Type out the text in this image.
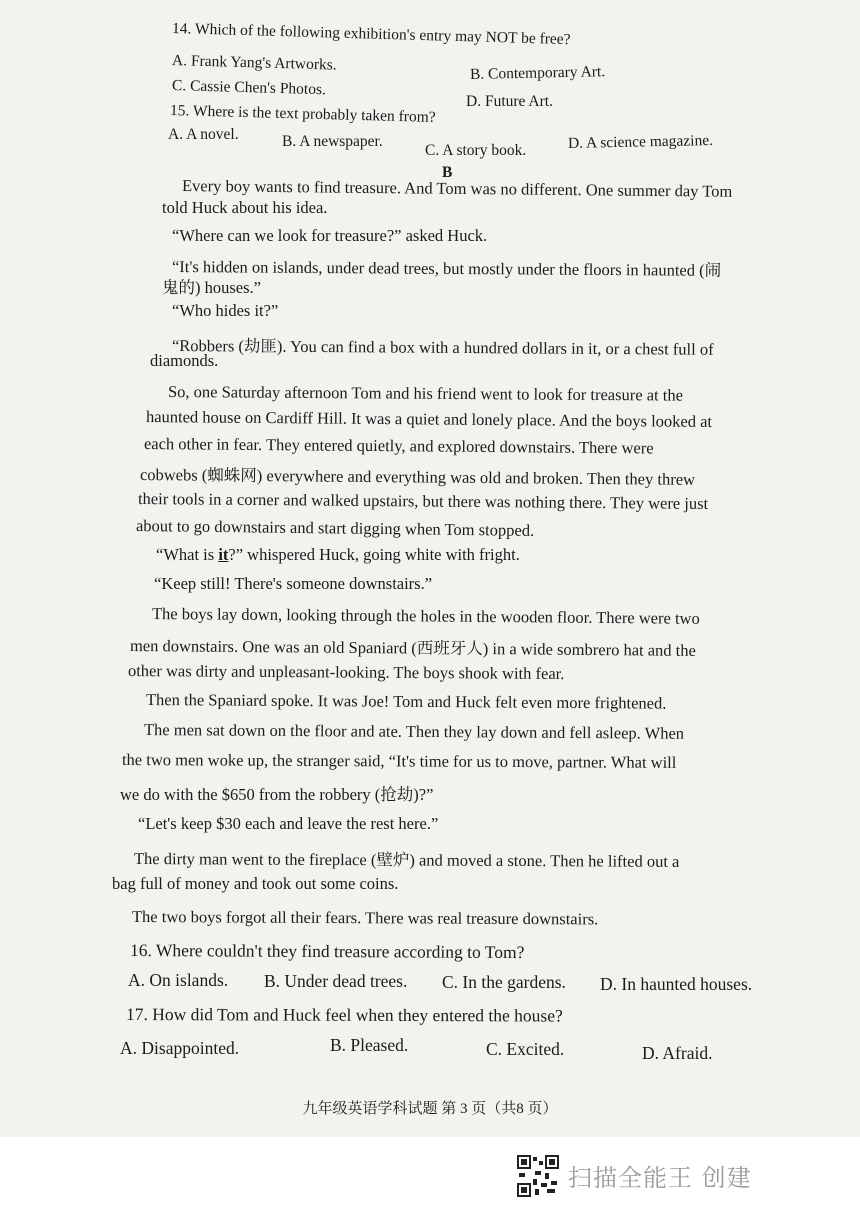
14. Which of the following exhibition's entry may NOT be free?
A. Frank Yang's Artworks.	B. Contemporary Art.
C. Cassie Chen's Photos.
D. Future Art.
15. Where is the text probably taken from?
A. A novel.	B. A newspaper.
C. A story book.	D. A science magazine.
B
Every boy wants to find treasure. And Tom was no different. One summer day Tom
told Huck about his idea.
“Where can we look for treasure?” asked Huck.
“It's hidden on islands, under dead trees, but mostly under the floors in haunted (闹
鬼的) houses.”
“Who hides it?”
“Robbers (劫匪). You can find a box with a hundred dollars in it, or a chest full of
diamonds.
So, one Saturday afternoon Tom and his friend went to look for treasure at the
haunted house on Cardiff Hill. It was a quiet and lonely place. And the boys looked at
each other in fear. They entered quietly, and explored downstairs. There were
cobwebs (蜘蛛网) everywhere and everything was old and broken. Then they threw
their tools in a corner and walked upstairs, but there was nothing there. They were just
about to go downstairs and start digging when Tom stopped.
“What is it?” whispered Huck, going white with fright.
“Keep still! There's someone downstairs.”
The boys lay down, looking through the holes in the wooden floor. There were two
men downstairs. One was an old Spaniard (西班牙人) in a wide sombrero hat and the
other was dirty and unpleasant-looking. The boys shook with fear.
Then the Spaniard spoke. It was Joe! Tom and Huck felt even more frightened.
The men sat down on the floor and ate. Then they lay down and fell asleep. When
the two men woke up, the stranger said, “It's time for us to move, partner. What will
we do with the $650 from the robbery (抢劫)?”
“Let's keep $30 each and leave the rest here.”
The dirty man went to the fireplace (壁炉) and moved a stone. Then he lifted out a
bag full of money and took out some coins.
The two boys forgot all their fears. There was real treasure downstairs.
16. Where couldn't they find treasure according to Tom?
A. On islands. B. Under dead trees. C. In the gardens. D. In haunted houses.
17. How did Tom and Huck feel when they entered the house?
A. Disappointed.	B. Pleased.	C. Excited.	D. Afraid.
九年级英语学科试题 第 3 页（共8 页）
扫描全能王 创建
